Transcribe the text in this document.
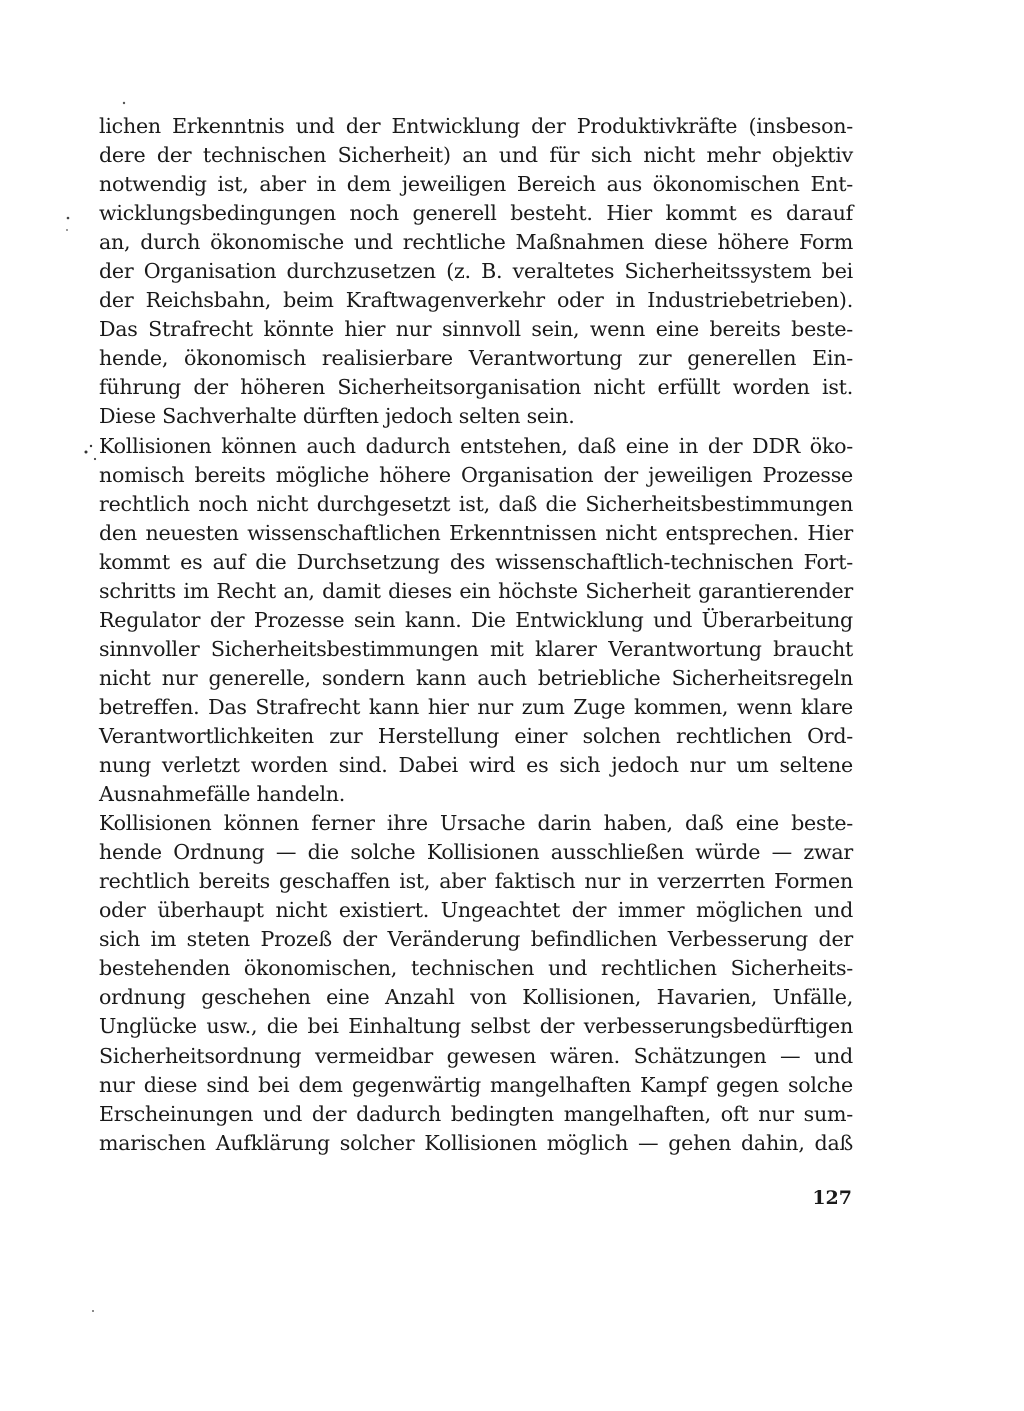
lichen Erkenntnis und der Entwicklung der Produktivkräfte (insbeson-
dere der technischen Sicherheit) an und für sich nicht mehr objektiv
notwendig ist, aber in dem jeweiligen Bereich aus ökonomischen Ent-
wicklungsbedingungen noch generell besteht. Hier kommt es darauf
an, durch ökonomische und rechtliche Maßnahmen diese höhere Form
der Organisation durchzusetzen (z. B. veraltetes Sicherheitssystem bei
der Reichsbahn, beim Kraftwagenverkehr oder in Industriebetrieben).
Das Strafrecht könnte hier nur sinnvoll sein, wenn eine bereits beste-
hende, ökonomisch realisierbare Verantwortung zur generellen Ein-
führung der höheren Sicherheitsorganisation nicht erfüllt worden ist.
Diese Sachverhalte dürften jedoch selten sein.
Kollisionen können auch dadurch entstehen, daß eine in der DDR öko-
nomisch bereits mögliche höhere Organisation der jeweiligen Prozesse
rechtlich noch nicht durchgesetzt ist, daß die Sicherheitsbestimmungen
den neuesten wissenschaftlichen Erkenntnissen nicht entsprechen. Hier
kommt es auf die Durchsetzung des wissenschaftlich-technischen Fort-
schritts im Recht an, damit dieses ein höchste Sicherheit garantierender
Regulator der Prozesse sein kann. Die Entwicklung und Überarbeitung
sinnvoller Sicherheitsbestimmungen mit klarer Verantwortung braucht
nicht nur generelle, sondern kann auch betriebliche Sicherheitsregeln
betreffen. Das Strafrecht kann hier nur zum Zuge kommen, wenn klare
Verantwortlichkeiten zur Herstellung einer solchen rechtlichen Ord-
nung verletzt worden sind. Dabei wird es sich jedoch nur um seltene
Ausnahmefälle handeln.
Kollisionen können ferner ihre Ursache darin haben, daß eine beste-
hende Ordnung — die solche Kollisionen ausschließen würde — zwar
rechtlich bereits geschaffen ist, aber faktisch nur in verzerrten Formen
oder überhaupt nicht existiert. Ungeachtet der immer möglichen und
sich im steten Prozeß der Veränderung befindlichen Verbesserung der
bestehenden ökonomischen, technischen und rechtlichen Sicherheits-
ordnung geschehen eine Anzahl von Kollisionen, Havarien, Unfälle,
Unglücke usw., die bei Einhaltung selbst der verbesserungsbedürftigen
Sicherheitsordnung vermeidbar gewesen wären. Schätzungen — und
nur diese sind bei dem gegenwärtig mangelhaften Kampf gegen solche
Erscheinungen und der dadurch bedingten mangelhaften, oft nur sum-
marischen Aufklärung solcher Kollisionen möglich — gehen dahin, daß
127
